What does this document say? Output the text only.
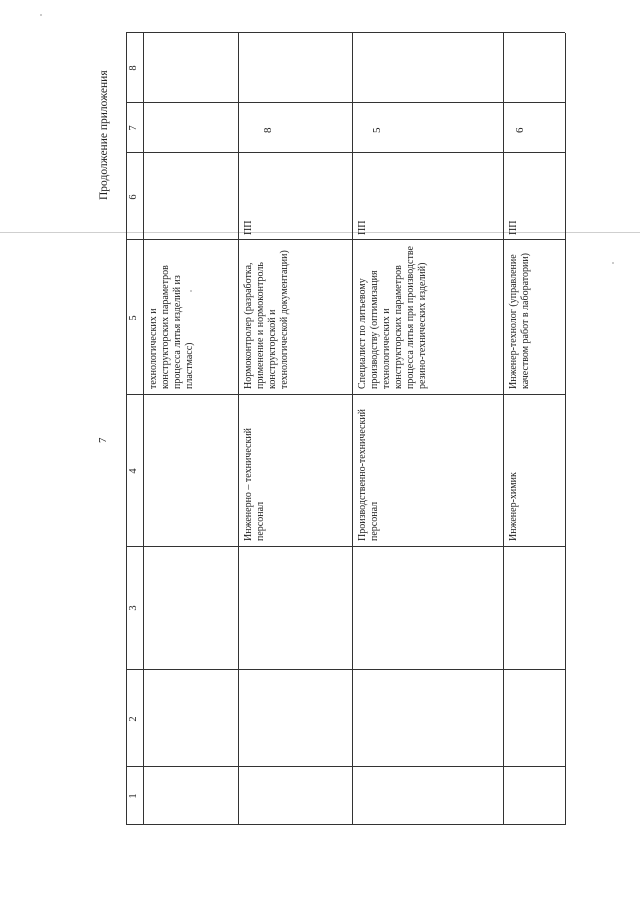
7
Продолжение приложения
1
2
3
4
5
6
7
8
технологических и конструкторских параметров процесса литья изделий из пластмасс)
Инженерно – технический персонал
Нормоконтролер (разработка, применение и нормоконтроль конструкторской и технологической документации)
ПП
8
Производственно-технический персонал
Специалист по литьевому производству (оптимизация технологических и конструкторских параметров процесса литья при производстве резино-технических изделий)
ПП
5
Инженер-химик
Инженер-технолог (управление качеством работ в лаборатории)
ПП
6
